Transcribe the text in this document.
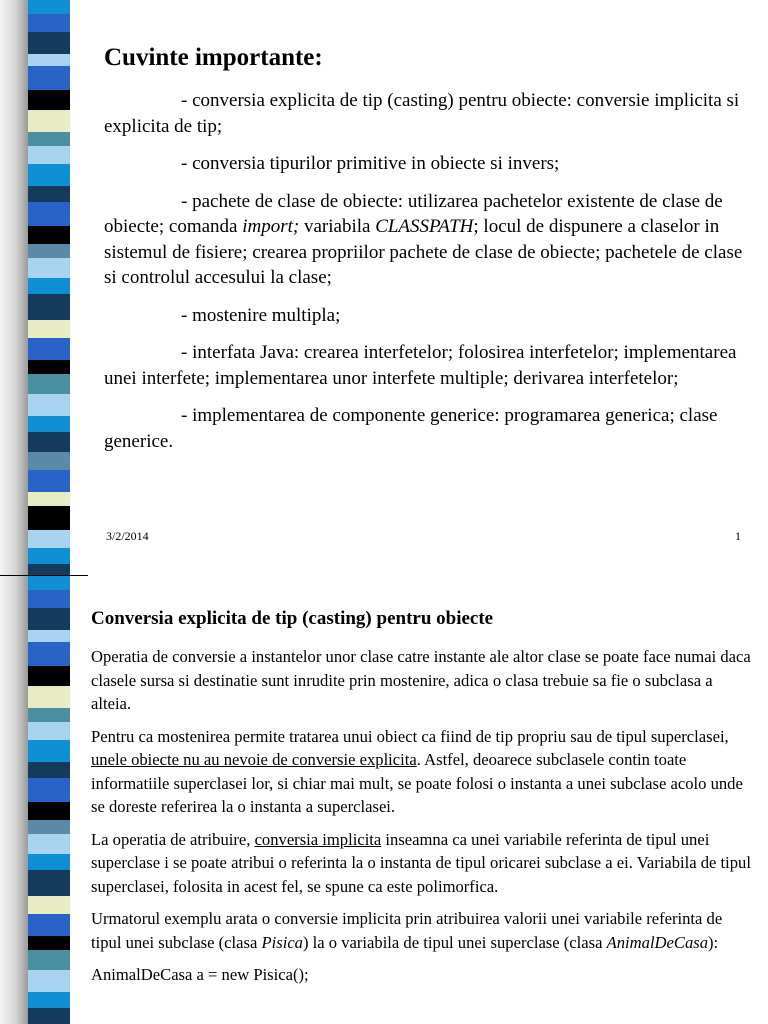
Cuvinte importante:

- conversia explicita de tip (casting) pentru obiecte: conversie implicita si explicita de tip;

- conversia tipurilor primitive in obiecte si invers;

- pachete de clase de obiecte: utilizarea pachetelor existente de clase de obiecte; comanda import; variabila CLASSPATH; locul de dispunere a claselor in sistemul de fisiere; crearea propriilor pachete de clase de obiecte; pachetele de clase si controlul accesului la clase;

- mostenire multipla;

- interfata Java: crearea interfetelor; folosirea interfetelor; implementarea unei interfete; implementarea unor interfete multiple; derivarea interfetelor;

- implementarea de componente generice: programarea generica; clase generice.

3/2/2014	1
Conversia explicita de tip (casting) pentru obiecte

Operatia de conversie a instantelor unor clase catre instante ale altor clase se poate face numai daca clasele sursa si destinatie sunt inrudite prin mostenire, adica o clasa trebuie sa fie o subclasa a alteia.

Pentru ca mostenirea permite tratarea unui obiect ca fiind de tip propriu sau de tipul superclasei, unele obiecte nu au nevoie de conversie explicita. Astfel, deoarece subclasele contin toate informatiile superclasei lor, si chiar mai mult, se poate folosi o instanta a unei subclase acolo unde se doreste referirea la o instanta a superclasei.

La operatia de atribuire, conversia implicita inseamna ca unei variabile referinta de tipul unei superclase i se poate atribui o referinta la o instanta de tipul oricarei subclase a ei. Variabila de tipul superclasei, folosita in acest fel, se spune ca este polimorfica.

Urmatorul exemplu arata o conversie implicita prin atribuirea valorii unei variabile referinta de tipul unei subclase (clasa Pisica) la o variabila de tipul unei superclase (clasa AnimalDeCasa):

AnimalDeCasa a = new Pisica();
